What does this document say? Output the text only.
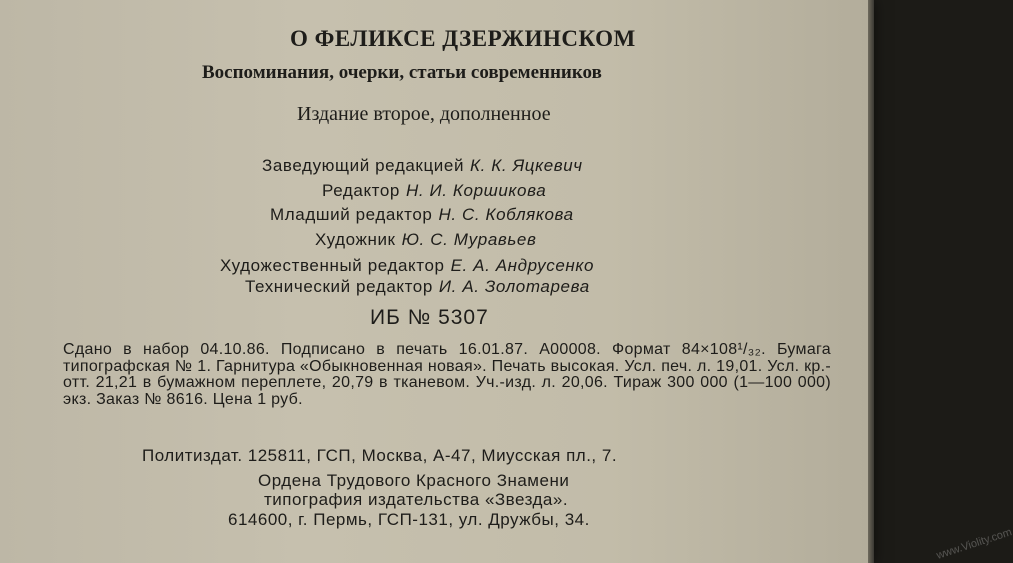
О ФЕЛИКСЕ ДЗЕРЖИНСКОМ
Воспоминания, очерки, статьи современников
Издание второе, дополненное
Заведующий редакцией К. К. Яцкевич
Редактор Н. И. Коршикова
Младший редактор Н. С. Коблякова
Художник Ю. С. Муравьев
Художественный редактор Е. А. Андрусенко
Технический редактор И. А. Золотарева
ИБ № 5307
Сдано в набор 04.10.86. Подписано в печать 16.01.87. А00008. Формат 84×108¹/₃₂. Бумага типографская № 1. Гарнитура «Обыкновенная новая». Печать высокая. Усл. печ. л. 19,01. Усл. кр.-отт. 21,21 в бумажном переплете, 20,79 в тканевом. Уч.-изд. л. 20,06. Тираж 300 000 (1—100 000) экз. Заказ № 8616. Цена 1 руб.
Политиздат. 125811, ГСП, Москва, А-47, Миусская пл., 7.
Ордена Трудового Красного Знамени
типография издательства «Звезда».
614600, г. Пермь, ГСП-131, ул. Дружбы, 34.
www.Violity.com
